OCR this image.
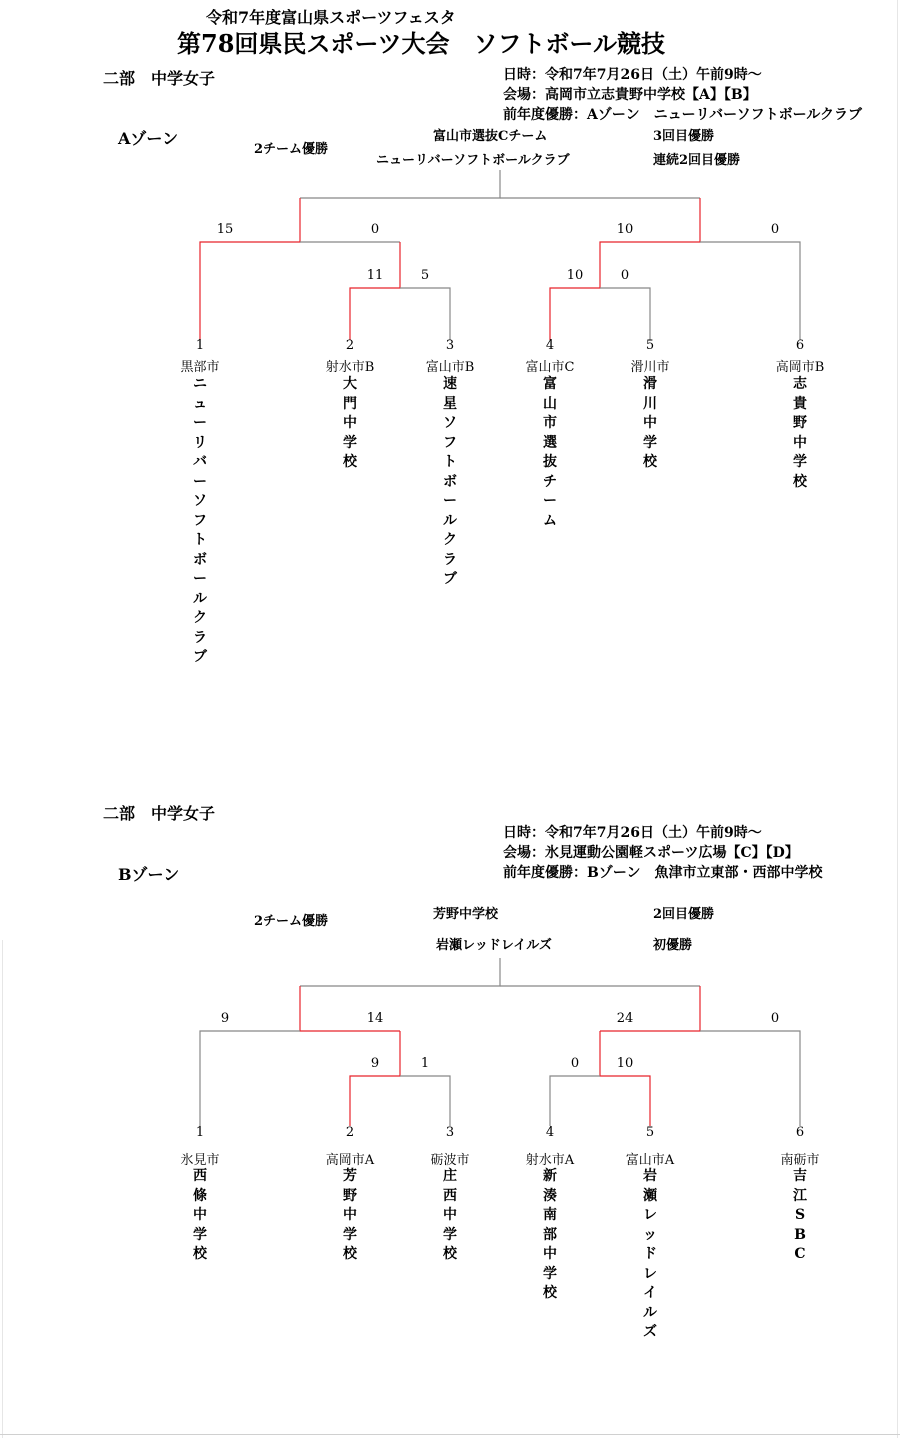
令和7年度富山県スポーツフェスタ
第78回県民スポーツ大会　ソフトボール競技
二部　中学女子	日時：令和7年7月26日（土）午前9時～
会場：高岡市立志貴野中学校【A】【B】
前年度優勝：Aゾーン　ニューリバーソフトボールクラブ
Aゾーン
2チーム優勝
富山市選抜Cチーム
ニューリバーソフトボールクラブ
3回目優勝
連続2回目優勝
15	0
11	5
10	0
10	0
1
黒部市
ニューリバーソフトボールクラブ
2
射水市B
大門中学校
3
富山市B
速星ソフトボールクラブ
4
富山市C
富山市選抜チーム
5
滑川市
滑川中学校
6
高岡市B
志貴野中学校
二部　中学女子
日時：令和7年7月26日（土）午前9時～
会場：氷見運動公園軽スポーツ広場【C】【D】
前年度優勝：Bゾーン　魚津市立東部・西部中学校
Bゾーン
2チーム優勝	芳野中学校
岩瀬レッドレイルズ
2回目優勝
初優勝
9	14
9	1
24	0
0	10
1
氷見市
西條中学校
2
高岡市A
芳野中学校
3
砺波市
庄西中学校
4
射水市A
新湊南部中学校
5
富山市A
岩瀬レッドレイルズ
6
南砺市
吉江SBC
